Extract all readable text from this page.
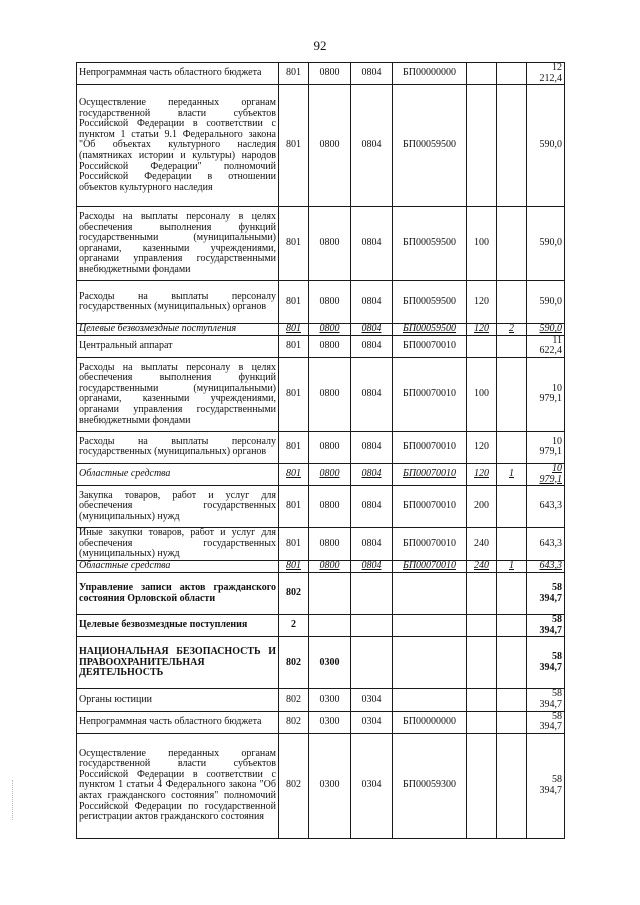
92
Непрограммная часть областного бюджета	801	0800	0804	БП00000000			12 212,4
Осуществление переданных органам государственной власти субъектов Российской Федерации в соответствии с пунктом 1 статьи 9.1 Федерального закона "Об объектах культурного наследия (памятниках истории и культуры) народов Российской Федерации" полномочий Российской Федерации в отношении объектов культурного наследия	801	0800	0804	БП00059500			590,0
Расходы на выплаты персоналу в целях обеспечения выполнения функций государственными (муниципальными) органами, казенными учреждениями, органами управления государственными внебюджетными фондами	801	0800	0804	БП00059500	100		590,0
Расходы на выплаты персоналу государственных (муниципальных) органов	801	0800	0804	БП00059500	120		590,0
Целевые безвозмездные поступления	801	0800	0804	БП00059500	120	2	590,0
Центральный аппарат	801	0800	0804	БП00070010			11 622,4
Расходы на выплаты персоналу в целях обеспечения выполнения функций государственными (муниципальными) органами, казенными учреждениями, органами управления государственными внебюджетными фондами	801	0800	0804	БП00070010	100		10 979,1
Расходы на выплаты персоналу государственных (муниципальных) органов	801	0800	0804	БП00070010	120		10 979,1
Областные средства	801	0800	0804	БП00070010	120	1	10 979,1
Закупка товаров, работ и услуг для обеспечения государственных (муниципальных) нужд	801	0800	0804	БП00070010	200		643,3
Иные закупки товаров, работ и услуг для обеспечения государственных (муниципальных) нужд	801	0800	0804	БП00070010	240		643,3
Областные средства	801	0800	0804	БП00070010	240	1	643,3
Управление записи актов гражданского состояния Орловской области	802						58 394,7
Целевые безвозмездные поступления	2						58 394,7
НАЦИОНАЛЬНАЯ БЕЗОПАСНОСТЬ И ПРАВООХРАНИТЕЛЬНАЯ ДЕЯТЕЛЬНОСТЬ	802	0300					58 394,7
Органы юстиции	802	0300	0304				58 394,7
Непрограммная часть областного бюджета	802	0300	0304	БП00000000			58 394,7
Осуществление переданных органам государственной власти субъектов Российской Федерации в соответствии с пунктом 1 статьи 4 Федерального закона "Об актах гражданского состояния" полномочий Российской Федерации по государственной регистрации актов гражданского состояния	802	0300	0304	БП00059300			58 394,7
